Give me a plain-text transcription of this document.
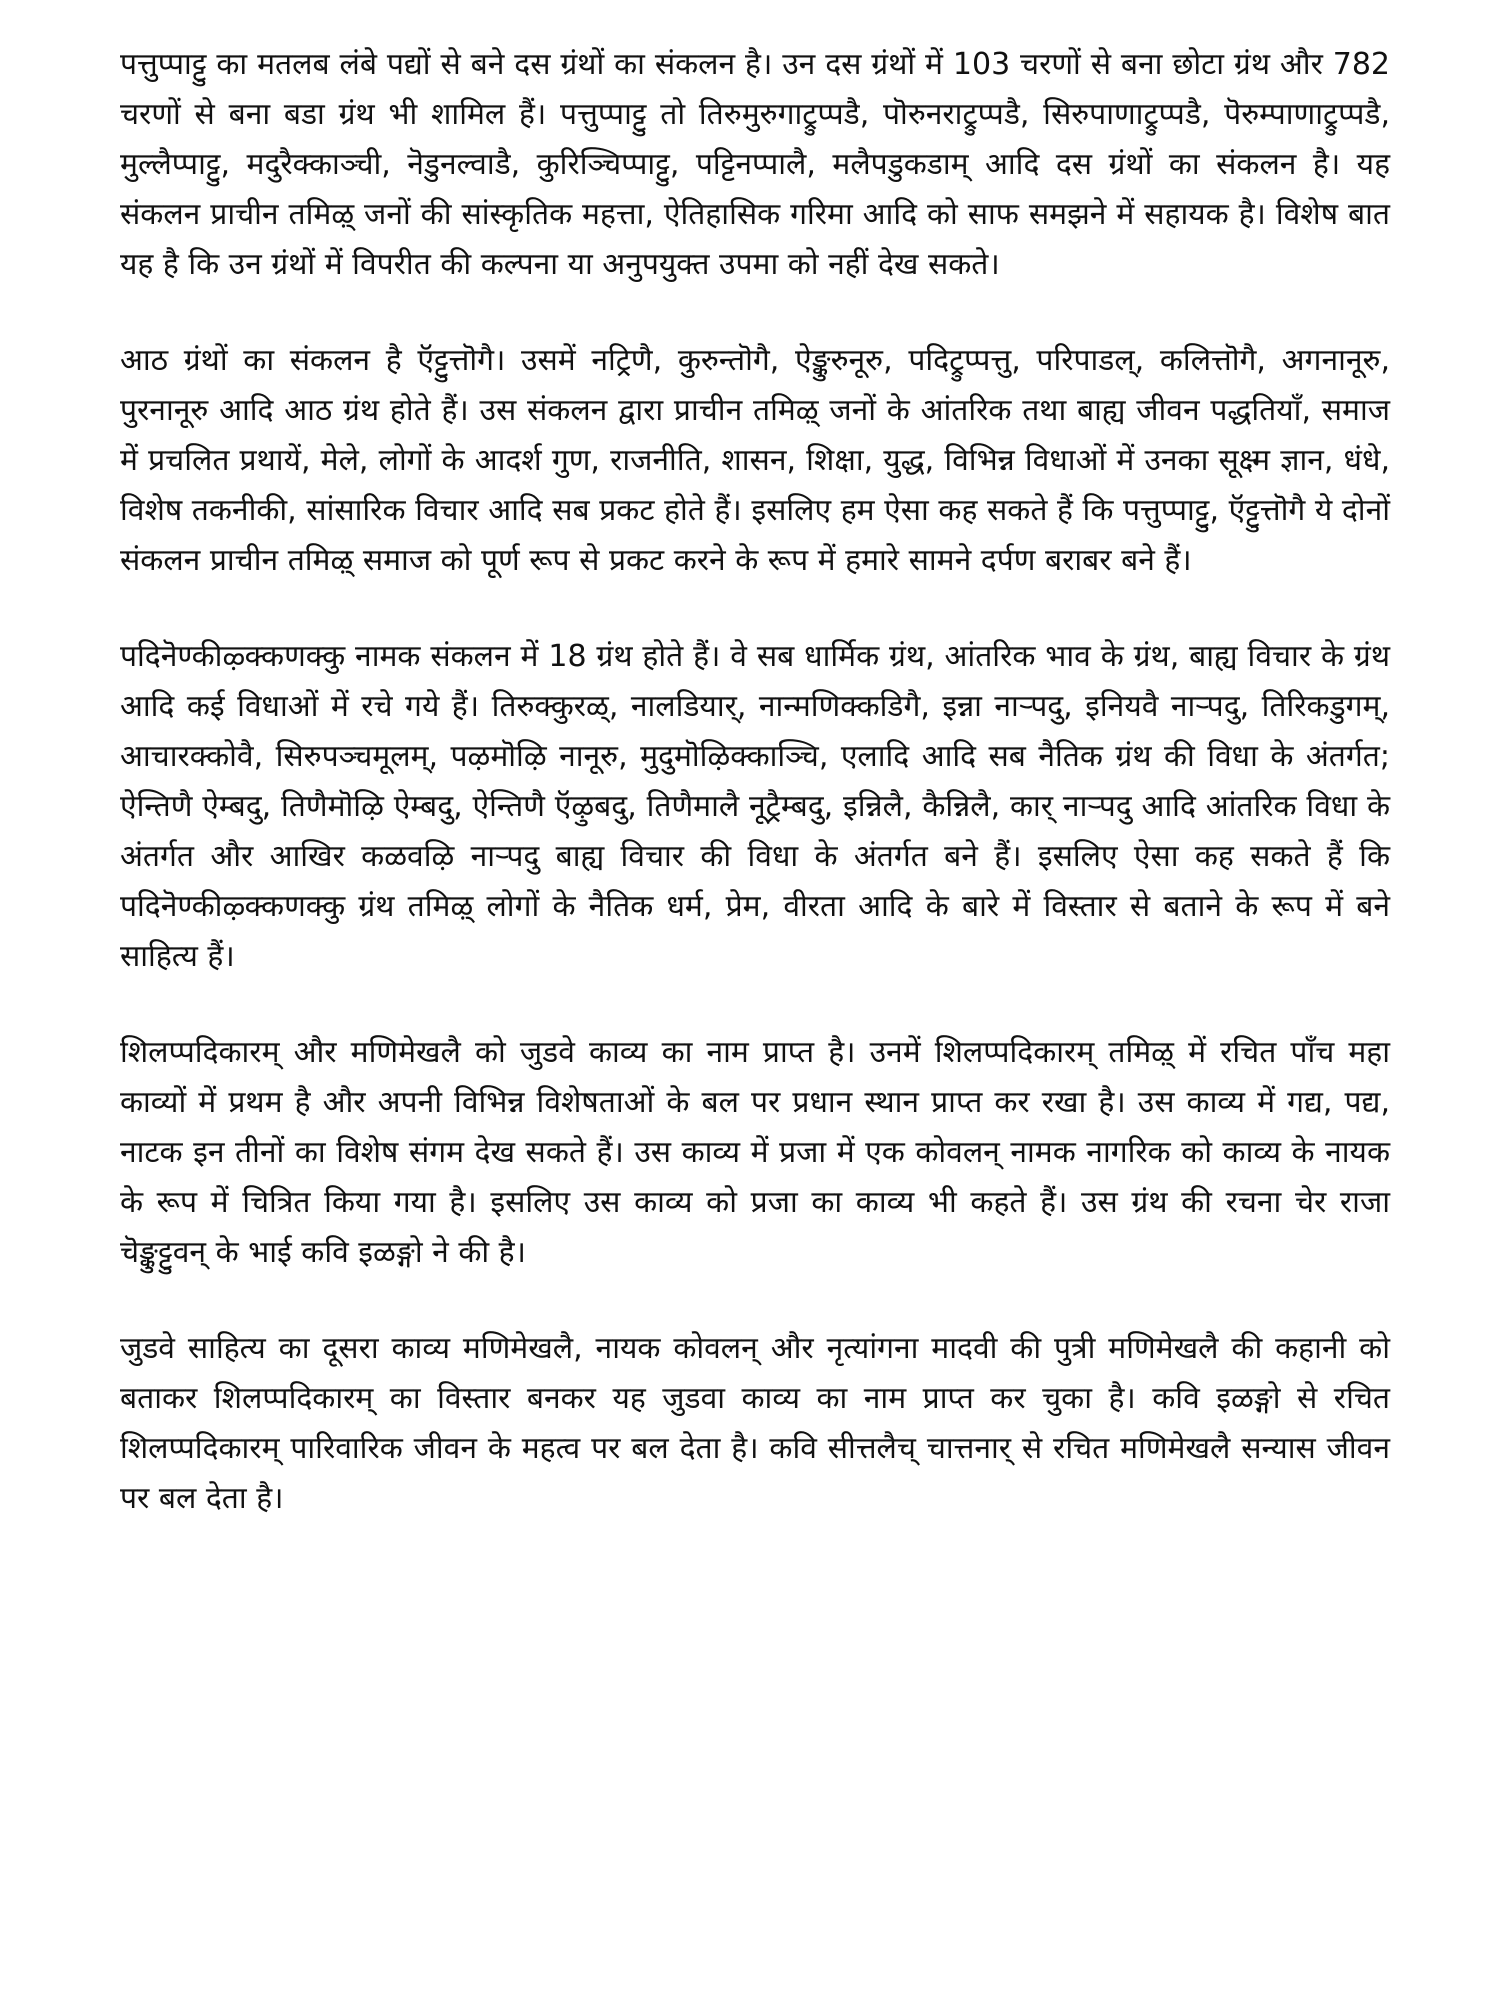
पत्तुप्पाट्टु का मतलब लंबे पद्यों से बने दस ग्रंथों का संकलन है। उन दस ग्रंथों में 103 चरणों से बना छोटा ग्रंथ और 782 चरणों से बना बडा ग्रंथ भी शामिल हैं। पत्तुप्पाट्टु तो तिरुमुरुगाट्रुप्पडै, पॊरुनराट्रुप्पडै, सिरुपाणाट्रुप्पडै, पॆरुम्पाणाट्रुप्पडै, मुल्लैप्पाट्टु, मदुरैक्काञ्ची, नॆडुनल्वाडै, कुरिञ्चिप्पाट्टु, पट्टिनप्पालै, मलैपडुकडाम् आदि दस ग्रंथों का संकलन है। यह संकलन प्राचीन तमिऴ् जनों की सांस्कृतिक महत्ता, ऐतिहासिक गरिमा आदि को साफ समझने में सहायक है। विशेष बात यह है कि उन ग्रंथों में विपरीत की कल्पना या अनुपयुक्त उपमा को नहीं देख सकते।

आठ ग्रंथों का संकलन है ऍट्टुत्तॊगै। उसमें नट्रिणै, कुरुन्तॊगै, ऐङ्कुरुनूरु, पदिट्रुप्पत्तु, परिपाडल्, कलित्तॊगै, अगनानूरु, पुरनानूरु आदि आठ ग्रंथ होते हैं। उस संकलन द्वारा प्राचीन तमिऴ् जनों के आंतरिक तथा बाह्य जीवन पद्धतियाँ, समाज में प्रचलित प्रथायें, मेले, लोगों के आदर्श गुण, राजनीति, शासन, शिक्षा, युद्ध, विभिन्न विधाओं में उनका सूक्ष्म ज्ञान, धंधे, विशेष तकनीकी, सांसारिक विचार आदि सब प्रकट होते हैं। इसलिए हम ऐसा कह सकते हैं कि पत्तुप्पाट्टु, ऍट्टुत्तॊगै ये दोनों संकलन प्राचीन तमिऴ् समाज को पूर्ण रूप से प्रकट करने के रूप में हमारे सामने दर्पण बराबर बने हैं।

पदिनॆण्कीऴ्क्कणक्कु नामक संकलन में 18 ग्रंथ होते हैं। वे सब धार्मिक ग्रंथ, आंतरिक भाव के ग्रंथ, बाह्य विचार के ग्रंथ आदि कई विधाओं में रचे गये हैं। तिरुक्कुरळ्, नालडियार्, नान्मणिक्कडिगै, इन्ना नाऱ्पदु, इनियवै नाऱ्पदु, तिरिकडुगम्, आचारक्कोवै, सिरुपञ्चमूलम्, पऴमॊऴि नानूरु, मुदुमॊऴिक्काञ्चि, एलादि आदि सब नैतिक ग्रंथ की विधा के अंतर्गत; ऐन्तिणै ऐम्बदु, तिणैमॊऴि ऐम्बदु, ऐन्तिणै ऍऴुबदु, तिणैमालै नूट्रैम्बदु, इन्निलै, कैन्निलै, कार् नाऱ्पदु आदि आंतरिक विधा के अंतर्गत और आखिर कळवऴि नाऱ्पदु बाह्य विचार की विधा के अंतर्गत बने हैं। इसलिए ऐसा कह सकते हैं कि पदिनॆण्कीऴ्क्कणक्कु ग्रंथ तमिऴ् लोगों के नैतिक धर्म, प्रेम, वीरता आदि के बारे में विस्तार से बताने के रूप में बने साहित्य हैं।

शिलप्पदिकारम् और मणिमेखलै को जुडवे काव्य का नाम प्राप्त है। उनमें शिलप्पदिकारम् तमिऴ् में रचित पाँच महा काव्यों में प्रथम है और अपनी विभिन्न विशेषताओं के बल पर प्रधान स्थान प्राप्त कर रखा है। उस काव्य में गद्य, पद्य, नाटक इन तीनों का विशेष संगम देख सकते हैं। उस काव्य में प्रजा में एक कोवलन् नामक नागरिक को काव्य के नायक के रूप में चित्रित किया गया है। इसलिए उस काव्य को प्रजा का काव्य भी कहते हैं। उस ग्रंथ की रचना चेर राजा चॆङ्कुट्टुवन् के भाई कवि इळङ्गो ने की है।

जुडवे साहित्य का दूसरा काव्य मणिमेखलै, नायक कोवलन् और नृत्यांगना मादवी की पुत्री मणिमेखलै की कहानी को बताकर शिलप्पदिकारम् का विस्तार बनकर यह जुडवा काव्य का नाम प्राप्त कर चुका है। कवि इळङ्गो से रचित शिलप्पदिकारम् पारिवारिक जीवन के महत्व पर बल देता है। कवि सीत्तलैच् चात्तनार् से रचित मणिमेखलै सन्यास जीवन पर बल देता है।
